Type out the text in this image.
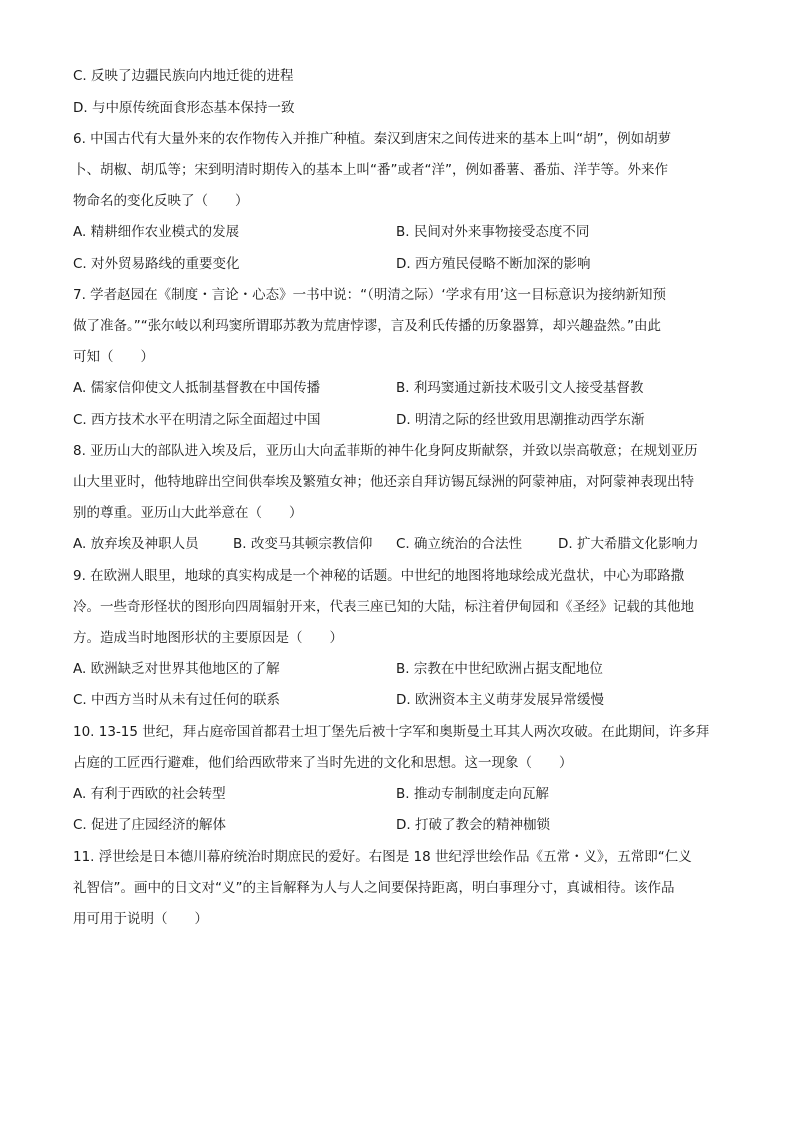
C. 反映了边疆民族向内地迁徙的进程
D. 与中原传统面食形态基本保持一致
6. 中国古代有大量外来的农作物传入并推广种植。秦汉到唐宋之间传进来的基本上叫“胡”，例如胡萝
卜、胡椒、胡瓜等；宋到明清时期传入的基本上叫“番”或者“洋”，例如番薯、番茄、洋芋等。外来作
物命名的变化反映了（　　）
A. 精耕细作农业模式的发展	B. 民间对外来事物接受态度不同
C. 对外贸易路线的重要变化	D. 西方殖民侵略不断加深的影响
7. 学者赵园在《制度・言论・心态》一书中说：“（明清之际）‘学求有用’这一目标意识为接纳新知预
做了准备。”“张尔岐以利玛窦所谓耶苏教为荒唐悖谬，言及利氏传播的历象器算，却兴趣盎然。”由此
可知（　　）
A. 儒家信仰使文人抵制基督教在中国传播	B. 利玛窦通过新技术吸引文人接受基督教
C. 西方技术水平在明清之际全面超过中国	D. 明清之际的经世致用思潮推动西学东渐
8. 亚历山大的部队进入埃及后，亚历山大向孟菲斯的神牛化身阿皮斯献祭，并致以崇高敬意；在规划亚历
山大里亚时，他特地辟出空间供奉埃及繁殖女神；他还亲自拜访锡瓦绿洲的阿蒙神庙，对阿蒙神表现出特
别的尊重。亚历山大此举意在（　　）
A. 放弃埃及神职人员	B. 改变马其顿宗教信仰 C. 确立统治的合法性	D. 扩大希腊文化影响力
9. 在欧洲人眼里，地球的真实构成是一个神秘的话题。中世纪的地图将地球绘成光盘状，中心为耶路撒
冷。一些奇形怪状的图形向四周辐射开来，代表三座已知的大陆，标注着伊甸园和《圣经》记载的其他地
方。造成当时地图形状的主要原因是（　　）
A. 欧洲缺乏对世界其他地区的了解	B. 宗教在中世纪欧洲占据支配地位
C. 中西方当时从未有过任何的联系	D. 欧洲资本主义萌芽发展异常缓慢
10. 13-15 世纪，拜占庭帝国首都君士坦丁堡先后被十字军和奥斯曼土耳其人两次攻破。在此期间，许多拜
占庭的工匠西行避难，他们给西欧带来了当时先进的文化和思想。这一现象（　　）
A. 有利于西欧的社会转型	B. 推动专制制度走向瓦解
C. 促进了庄园经济的解体	D. 打破了教会的精神枷锁
11. 浮世绘是日本德川幕府统治时期庶民的爱好。右图是 18 世纪浮世绘作品《五常・义》，五常即“仁义
礼智信”。画中的日文对“义”的主旨解释为人与人之间要保持距离，明白事理分寸，真诚相待。该作品
用可用于说明（　　）
